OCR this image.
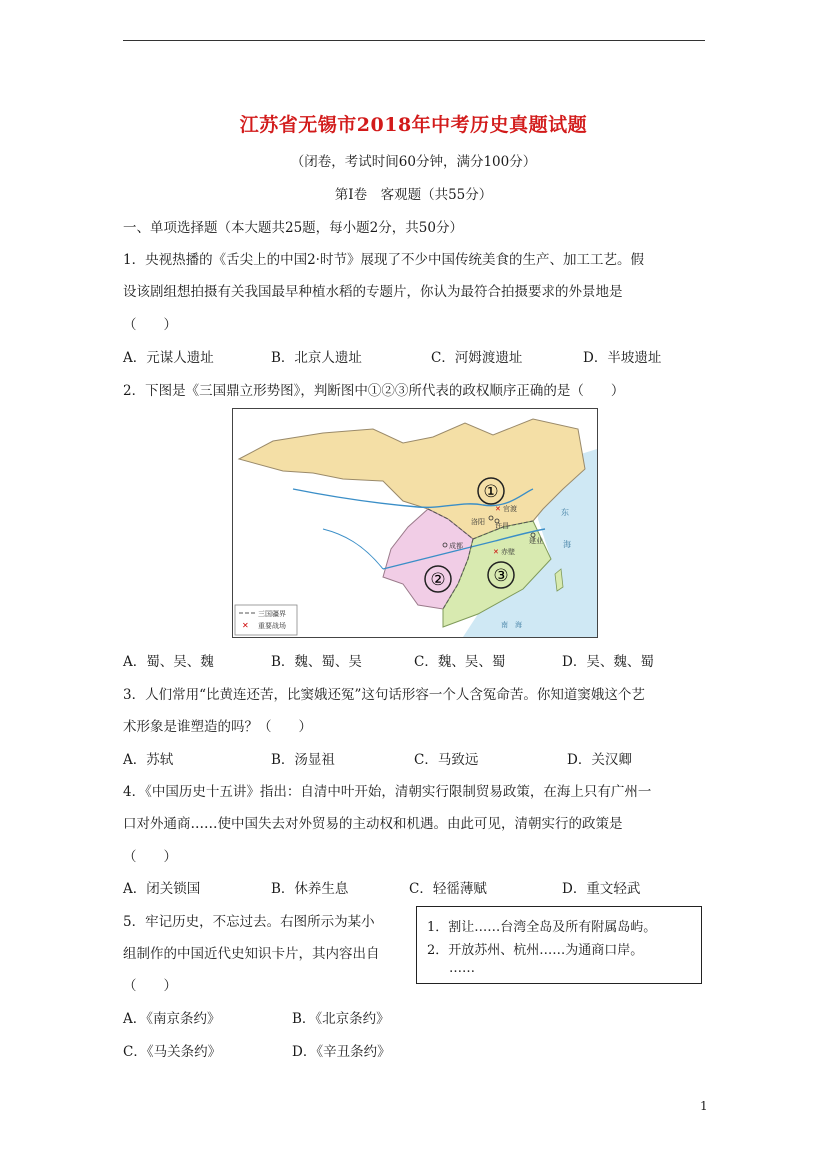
江苏省无锡市2018年中考历史真题试题
（闭卷，考试时间60分钟，满分100分）
第Ⅰ卷　客观题（共55分）
一、单项选择题（本大题共25题，每小题2分，共50分）
1．央视热播的《舌尖上的中国2·时节》展现了不少中国传统美食的生产、加工工艺。假
设该剧组想拍摄有关我国最早种植水稻的专题片，你认为最符合拍摄要求的外景地是
（　　）
A．元谋人遗址	B．北京人遗址	C．河姆渡遗址	D．半坡遗址
2．下图是《三国鼎立形势图》，判断图中①②③所代表的政权顺序正确的是（　　）
①
②	③
✕ 官渡
洛阳 许昌
成都
建业
✕ 赤壁
东
海
南　海
三国疆界
✕ 重要战场
A．蜀、吴、魏	B．魏、蜀、吴	C．魏、吴、蜀	D．吴、魏、蜀
3．人们常用“比黄连还苦，比窦娥还冤”这句话形容一个人含冤命苦。你知道窦娥这个艺
术形象是谁塑造的吗？（　　）
A．苏轼	B．汤显祖	C．马致远	D．关汉卿
4．《中国历史十五讲》指出：自清中叶开始，清朝实行限制贸易政策，在海上只有广州一
口对外通商……使中国失去对外贸易的主动权和机遇。由此可见，清朝实行的政策是
（　　）
A．闭关锁国	B．休养生息	C．轻徭薄赋	D．重文轻武
5．牢记历史，不忘过去。右图所示为某小
组制作的中国近代史知识卡片，其内容出自
（　　）
1．割让……台湾全岛及所有附属岛屿。
2．开放苏州、杭州……为通商口岸。
……
A．《南京条约》	B．《北京条约》
C．《马关条约》	D．《辛丑条约》
1
